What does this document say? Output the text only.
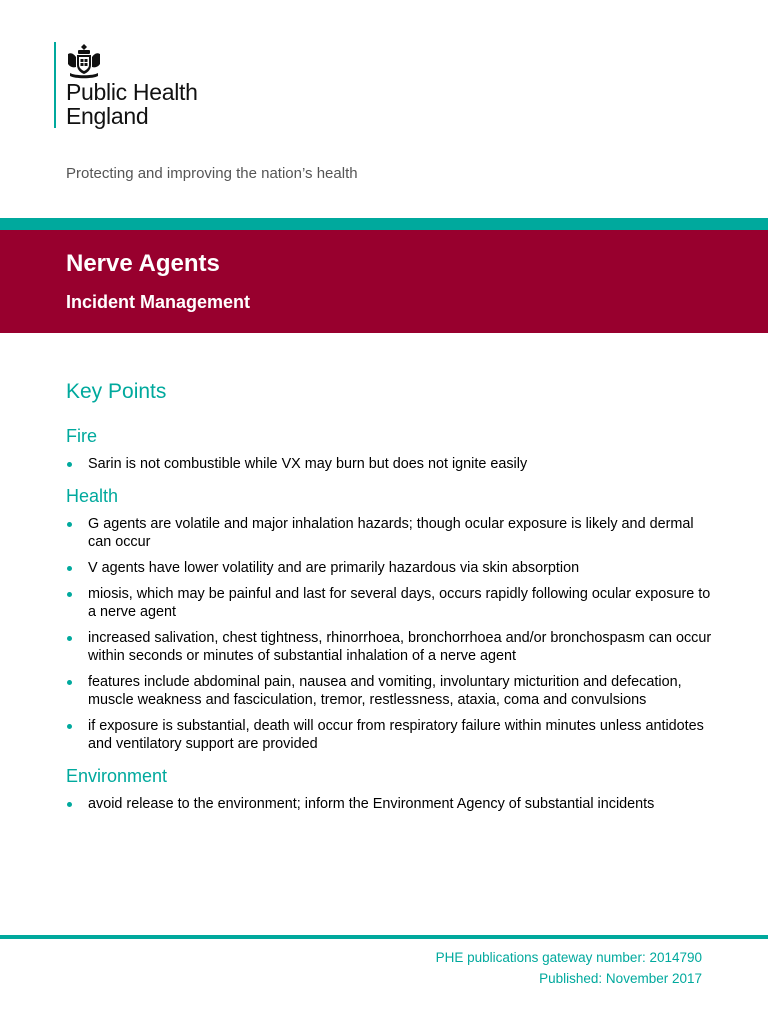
Public Health
England
Protecting and improving the nation’s health
Nerve Agents
Incident Management
Key Points
Fire
Sarin is not combustible while VX may burn but does not ignite easily
Health
G agents are volatile and major inhalation hazards; though ocular exposure is likely and dermal can occur
V agents have lower volatility and are primarily hazardous via skin absorption
miosis, which may be painful and last for several days, occurs rapidly following ocular exposure to a nerve agent
increased salivation, chest tightness, rhinorrhoea, bronchorrhoea and/or bronchospasm can occur within seconds or minutes of substantial inhalation of a nerve agent
features include abdominal pain, nausea and vomiting, involuntary micturition and defecation, muscle weakness and fasciculation, tremor, restlessness, ataxia, coma and convulsions
if exposure is substantial, death will occur from respiratory failure within minutes unless antidotes and ventilatory support are provided
Environment
avoid release to the environment; inform the Environment Agency of substantial incidents
PHE publications gateway number: 2014790
Published: November 2017
